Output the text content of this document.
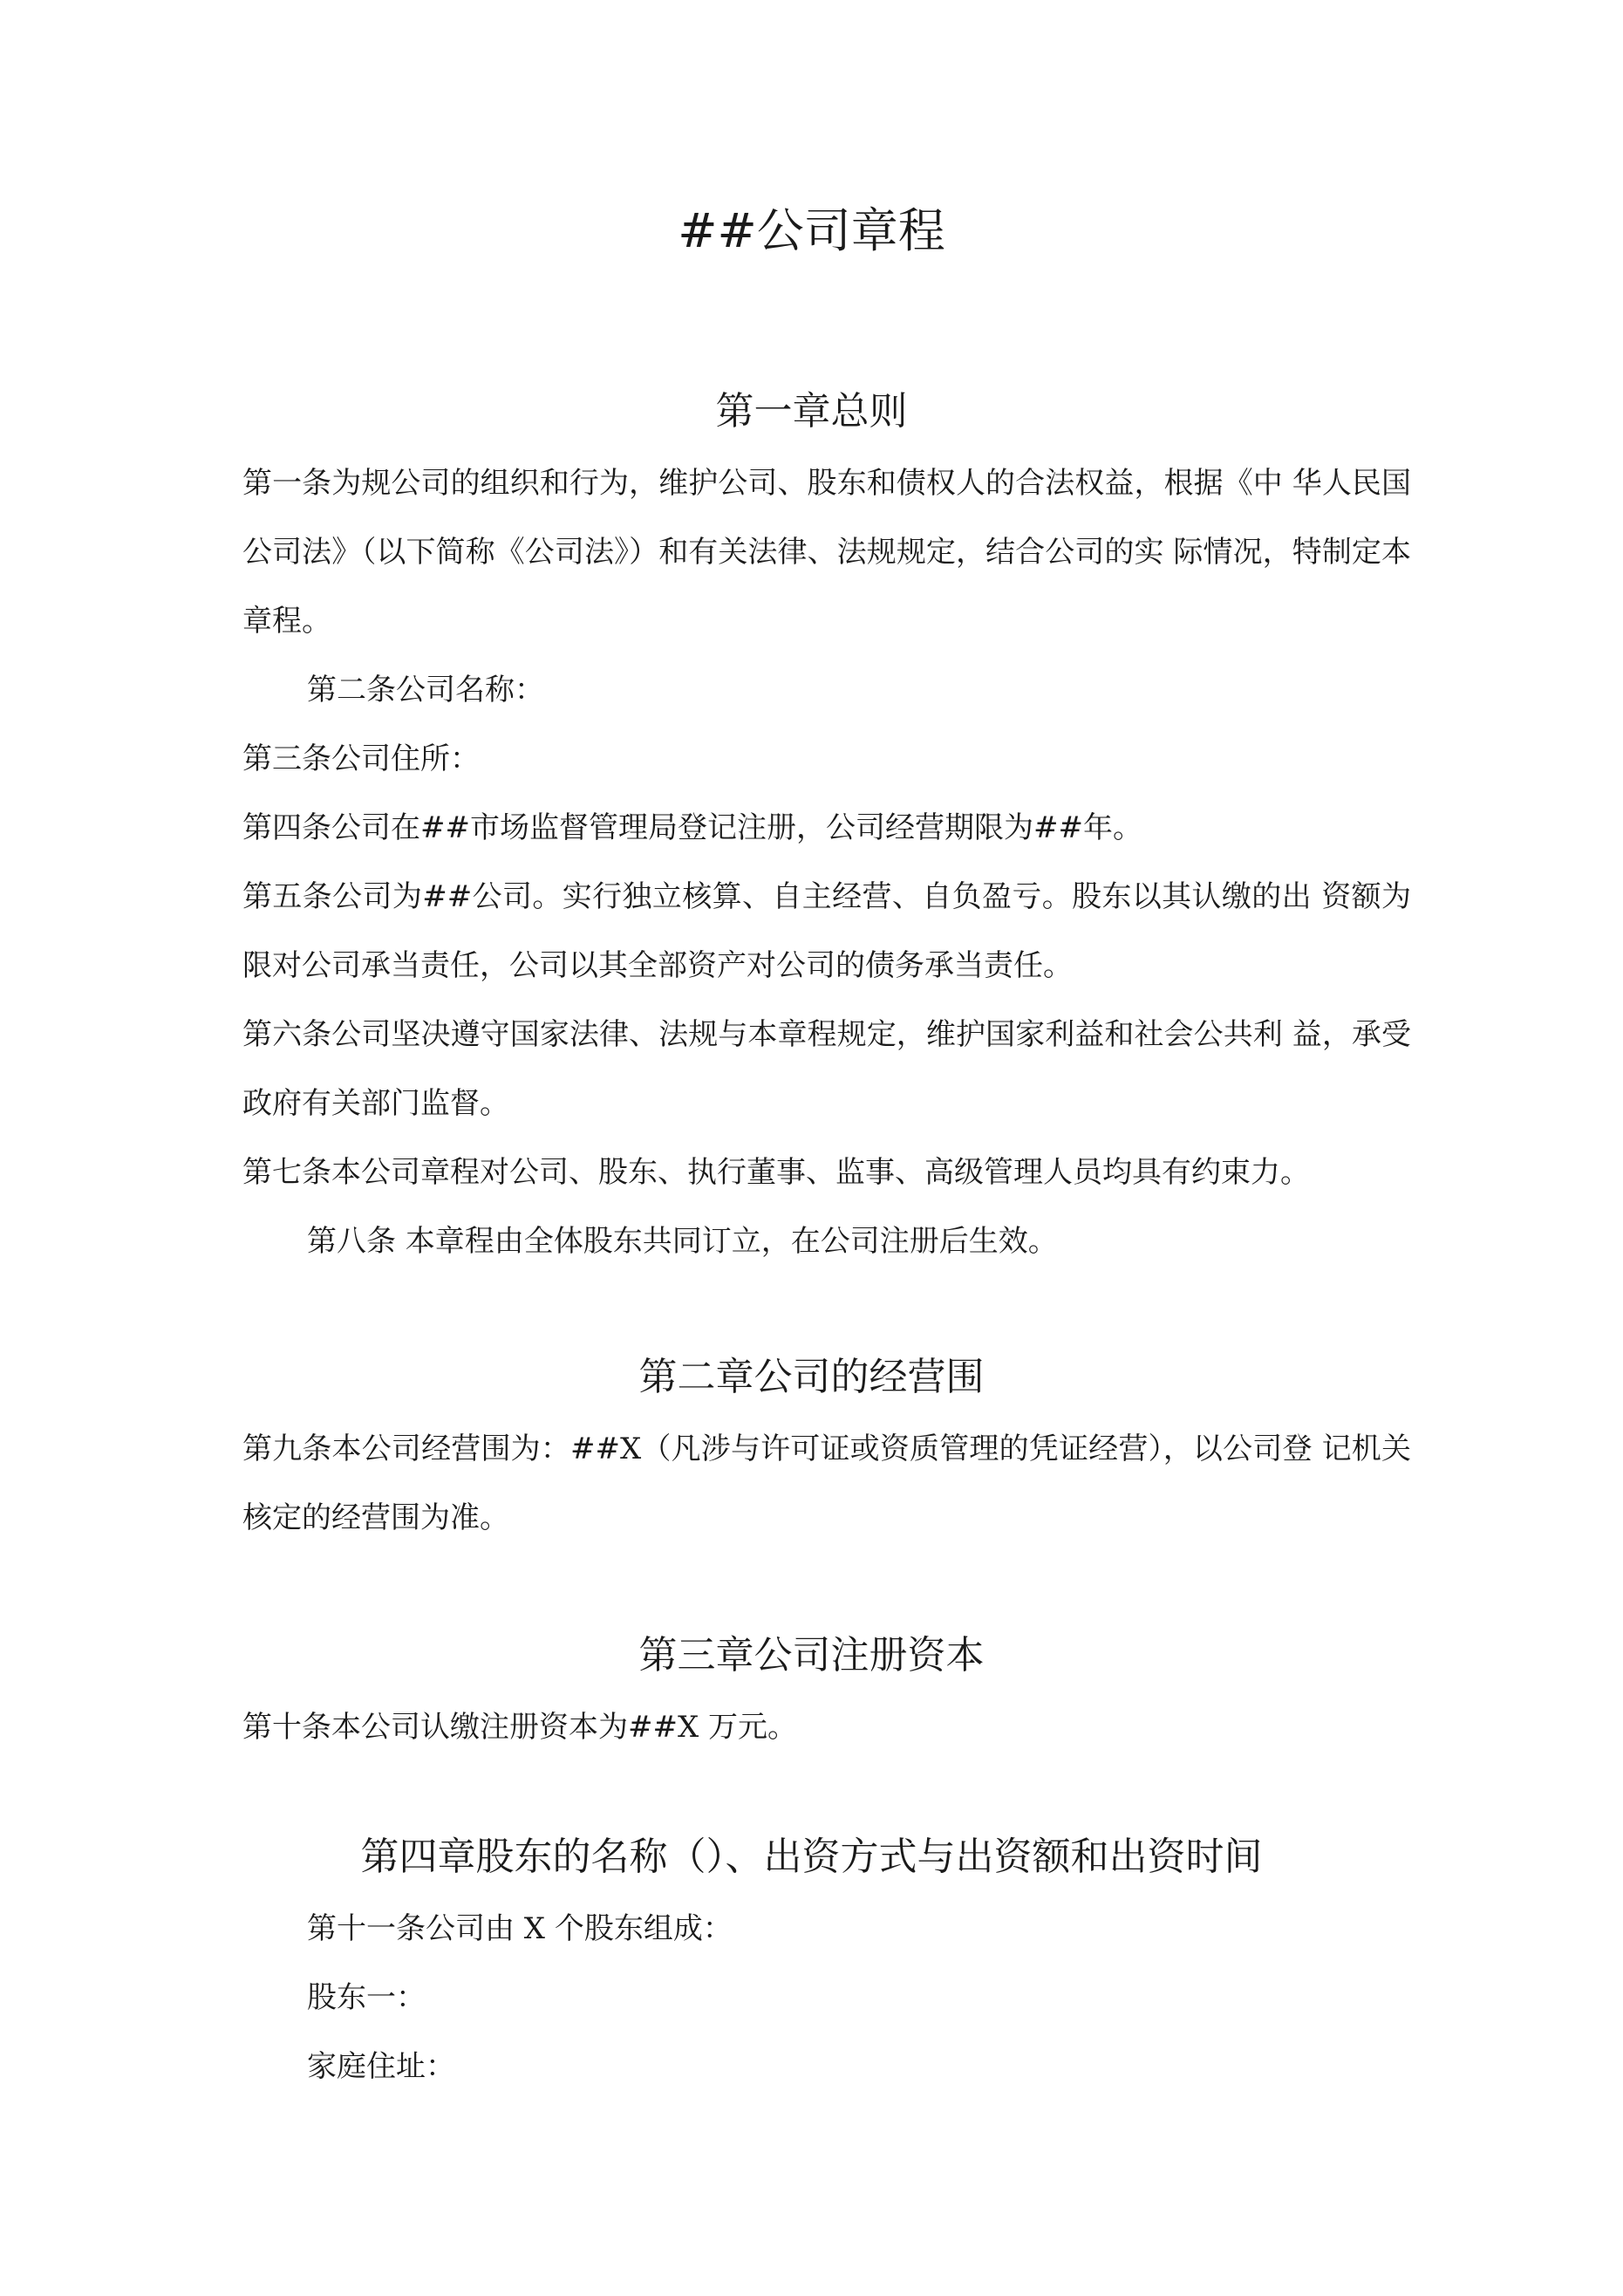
##公司章程
第一章总则

第一条为规公司的组织和行为，维护公司、股东和债权人的合法权益，根据《中 华人民国公司法》（以下简称《公司法》）和有关法律、法规规定，结合公司的实 际情况，特制定本章程。

第二条公司名称：

第三条公司住所：

第四条公司在##市场监督管理局登记注册，公司经营期限为##年。

第五条公司为##公司。实行独立核算、自主经营、自负盈亏。股东以其认缴的出 资额为限对公司承当责任，公司以其全部资产对公司的债务承当责任。

第六条公司坚决遵守国家法律、法规与本章程规定，维护国家利益和社会公共利 益，承受政府有关部门监督。

第七条本公司章程对公司、股东、执行董事、监事、高级管理人员均具有约束力。

第八条 本章程由全体股东共同订立，在公司注册后生效。

第二章公司的经营围

第九条本公司经营围为：##X（凡涉与许可证或资质管理的凭证经营），以公司登 记机关核定的经营围为准。

第三章公司注册资本

第十条本公司认缴注册资本为##X 万元。

第四章股东的名称（）、出资方式与出资额和出资时间

第十一条公司由 X 个股东组成：

股东一：

家庭住址：
